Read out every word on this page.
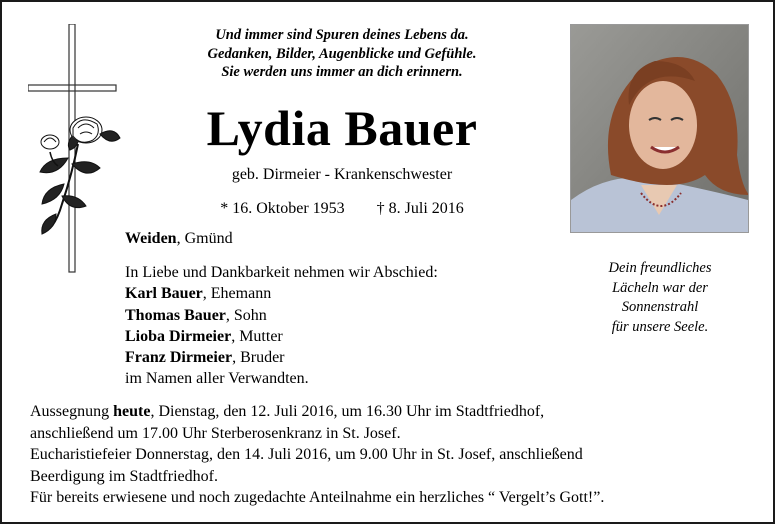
Und immer sind Spuren deines Lebens da.
Gedanken, Bilder, Augenblicke und Gefühle.
Sie werden uns immer an dich erinnern.
Lydia Bauer
geb. Dirmeier - Krankenschwester
* 16. Oktober 1953 † 8. Juli 2016
Weiden, Gmünd
In Liebe und Dankbarkeit nehmen wir Abschied:
Karl Bauer, Ehemann
Thomas Bauer, Sohn
Lioba Dirmeier, Mutter
Franz Dirmeier, Bruder
im Namen aller Verwandten.
Dein freundliches
Lächeln war der
Sonnenstrahl
für unsere Seele.
Aussegnung heute, Dienstag, den 12. Juli 2016, um 16.30 Uhr im Stadtfriedhof,
anschließend um 17.00 Uhr Sterberosenkranz in St. Josef.
Eucharistiefeier Donnerstag, den 14. Juli 2016, um 9.00 Uhr in St. Josef, anschließend
Beerdigung im Stadtfriedhof.
Für bereits erwiesene und noch zugedachte Anteilnahme ein herzliches “ Vergelt’s Gott!”.
